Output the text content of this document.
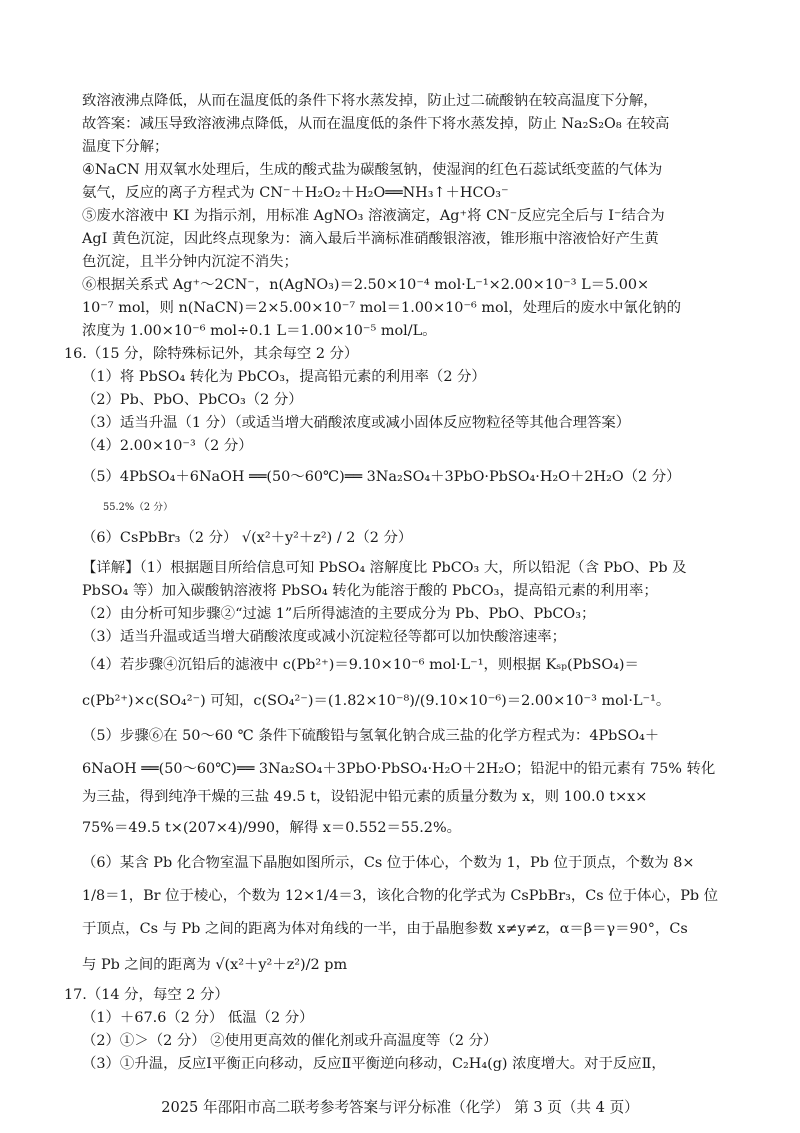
致溶液沸点降低，从而在温度低的条件下将水蒸发掉，防止过二硫酸钠在较高温度下分解，
故答案：减压导致溶液沸点降低，从而在温度低的条件下将水蒸发掉，防止 Na₂S₂O₈ 在较高
温度下分解；
④NaCN 用双氧水处理后，生成的酸式盐为碳酸氢钠，使湿润的红色石蕊试纸变蓝的气体为
氨气，反应的离子方程式为 CN⁻＋H₂O₂＋H₂O══NH₃↑＋HCO₃⁻
⑤废水溶液中 KI 为指示剂，用标准 AgNO₃ 溶液滴定，Ag⁺将 CN⁻反应完全后与 I⁻结合为
AgI 黄色沉淀，因此终点现象为：滴入最后半滴标准硝酸银溶液，锥形瓶中溶液恰好产生黄
色沉淀，且半分钟内沉淀不消失；
⑥根据关系式 Ag⁺～2CN⁻，n(AgNO₃)＝2.50×10⁻⁴ mol·L⁻¹×2.00×10⁻³ L＝5.00×
10⁻⁷ mol，则 n(NaCN)＝2×5.00×10⁻⁷ mol＝1.00×10⁻⁶ mol，处理后的废水中氰化钠的
浓度为 1.00×10⁻⁶ mol÷0.1 L＝1.00×10⁻⁵ mol/L。
16.（15 分，除特殊标记外，其余每空 2 分）
（1）将 PbSO₄ 转化为 PbCO₃，提高铅元素的利用率（2 分）
（2）Pb、PbO、PbCO₃（2 分）
（3）适当升温（1 分）（或适当增大硝酸浓度或减小固体反应物粒径等其他合理答案）
（4）2.00×10⁻³（2 分）
（5）4PbSO₄＋6NaOH ══(50～60℃)══ 3Na₂SO₄＋3PbO·PbSO₄·H₂O＋2H₂O（2 分）
55.2%（2 分）
（6）CsPbBr₃（2 分） √(x²＋y²＋z²) / 2（2 分）
【详解】（1）根据题目所给信息可知 PbSO₄ 溶解度比 PbCO₃ 大，所以铅泥（含 PbO、Pb 及
PbSO₄ 等）加入碳酸钠溶液将 PbSO₄ 转化为能溶于酸的 PbCO₃，提高铅元素的利用率；
（2）由分析可知步骤②“过滤 1”后所得滤渣的主要成分为 Pb、PbO、PbCO₃；
（3）适当升温或适当增大硝酸浓度或减小沉淀粒径等都可以加快酸溶速率；
（4）若步骤④沉铅后的滤液中 c(Pb²⁺)＝9.10×10⁻⁶ mol·L⁻¹，则根据 Kₛₚ(PbSO₄)＝
c(Pb²⁺)×c(SO₄²⁻) 可知，c(SO₄²⁻)＝(1.82×10⁻⁸)/(9.10×10⁻⁶)＝2.00×10⁻³ mol·L⁻¹。
（5）步骤⑥在 50～60 ℃ 条件下硫酸铅与氢氧化钠合成三盐的化学方程式为：4PbSO₄＋
6NaOH ══(50～60℃)══ 3Na₂SO₄＋3PbO·PbSO₄·H₂O＋2H₂O；铅泥中的铅元素有 75% 转化
为三盐，得到纯净干燥的三盐 49.5 t，设铅泥中铅元素的质量分数为 x，则 100.0 t×x×
75%＝49.5 t×(207×4)/990，解得 x＝0.552＝55.2%。
（6）某含 Pb 化合物室温下晶胞如图所示，Cs 位于体心，个数为 1，Pb 位于顶点，个数为 8×
1/8＝1，Br 位于棱心，个数为 12×1/4＝3，该化合物的化学式为 CsPbBr₃，Cs 位于体心，Pb 位
于顶点，Cs 与 Pb 之间的距离为体对角线的一半，由于晶胞参数 x≠y≠z，α＝β＝γ＝90°，Cs
与 Pb 之间的距离为 √(x²＋y²＋z²)/2 pm
17.（14 分，每空 2 分）
（1）＋67.6（2 分） 低温（2 分）
（2）①＞（2 分） ②使用更高效的催化剂或升高温度等（2 分）
（3）①升温，反应Ⅰ平衡正向移动，反应Ⅱ平衡逆向移动，C₂H₄(g) 浓度增大。对于反应Ⅱ，
2025 年邵阳市高二联考参考答案与评分标准（化学） 第 3 页（共 4 页）
